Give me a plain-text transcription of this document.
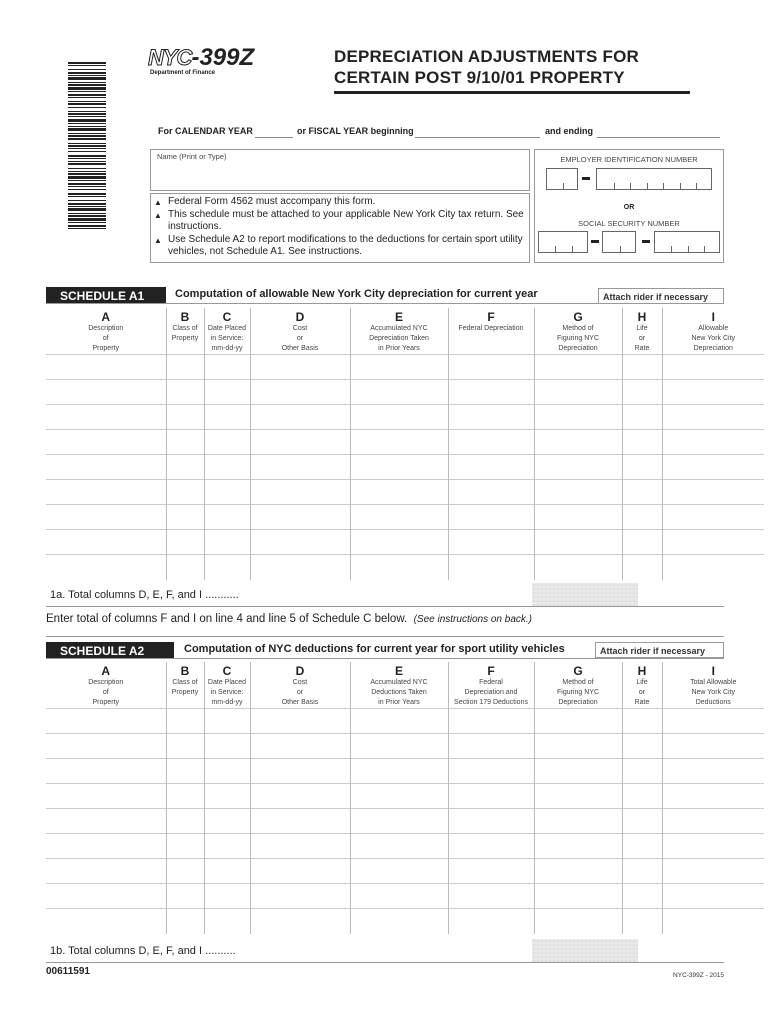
NYC-399Z
Department of Finance
DEPRECIATION ADJUSTMENTS FOR
CERTAIN POST 9/10/01 PROPERTY
For CALENDAR YEAR	or FISCAL YEAR beginning	and ending
Name (Print or Type)
▲ Federal Form 4562 must accompany this form.
▲ This schedule must be attached to your applicable New York City tax return. See instructions.
▲ Use Schedule A2 to report modifications to the deductions for certain sport utility vehicles, not Schedule A1. See instructions.
EMPLOYER IDENTIFICATION NUMBER
OR
SOCIAL SECURITY NUMBER
SCHEDULE A1	Computation of allowable New York City depreciation for current year	Attach rider if necessary
A
Description
of
Property	B
Class of
Property	C
Date Placed
in Service:
mm-dd-yy	D
Cost
or
Other Basis	E
Accumulated NYC
Depreciation Taken
in Prior Years	F
Federal Depreciation	G
Method of
Figuring NYC
Depreciation	H
Life
or
Rate	I
Allowable
New York City
Depreciation

1a. Total columns D, E, F, and I ...........
Enter total of columns F and I on line 4 and line 5 of Schedule C below. (See instructions on back.)
SCHEDULE A2	Computation of NYC deductions for current year for sport utility vehicles	Attach rider if necessary
A
Description
of
Property	B
Class of
Property	C
Date Placed
in Service:
mm-dd-yy	D
Cost
or
Other Basis	E
Accumulated NYC
Deductions Taken
in Prior Years	F
Federal
Depreciation and
Section 179 Deductions	G
Method of
Figuring NYC
Depreciation	H
Life
or
Rate	I
Total Allowable
New York City
Deductions

1b. Total columns D, E, F, and I ..........
00611591	NYC-399Z - 2015
